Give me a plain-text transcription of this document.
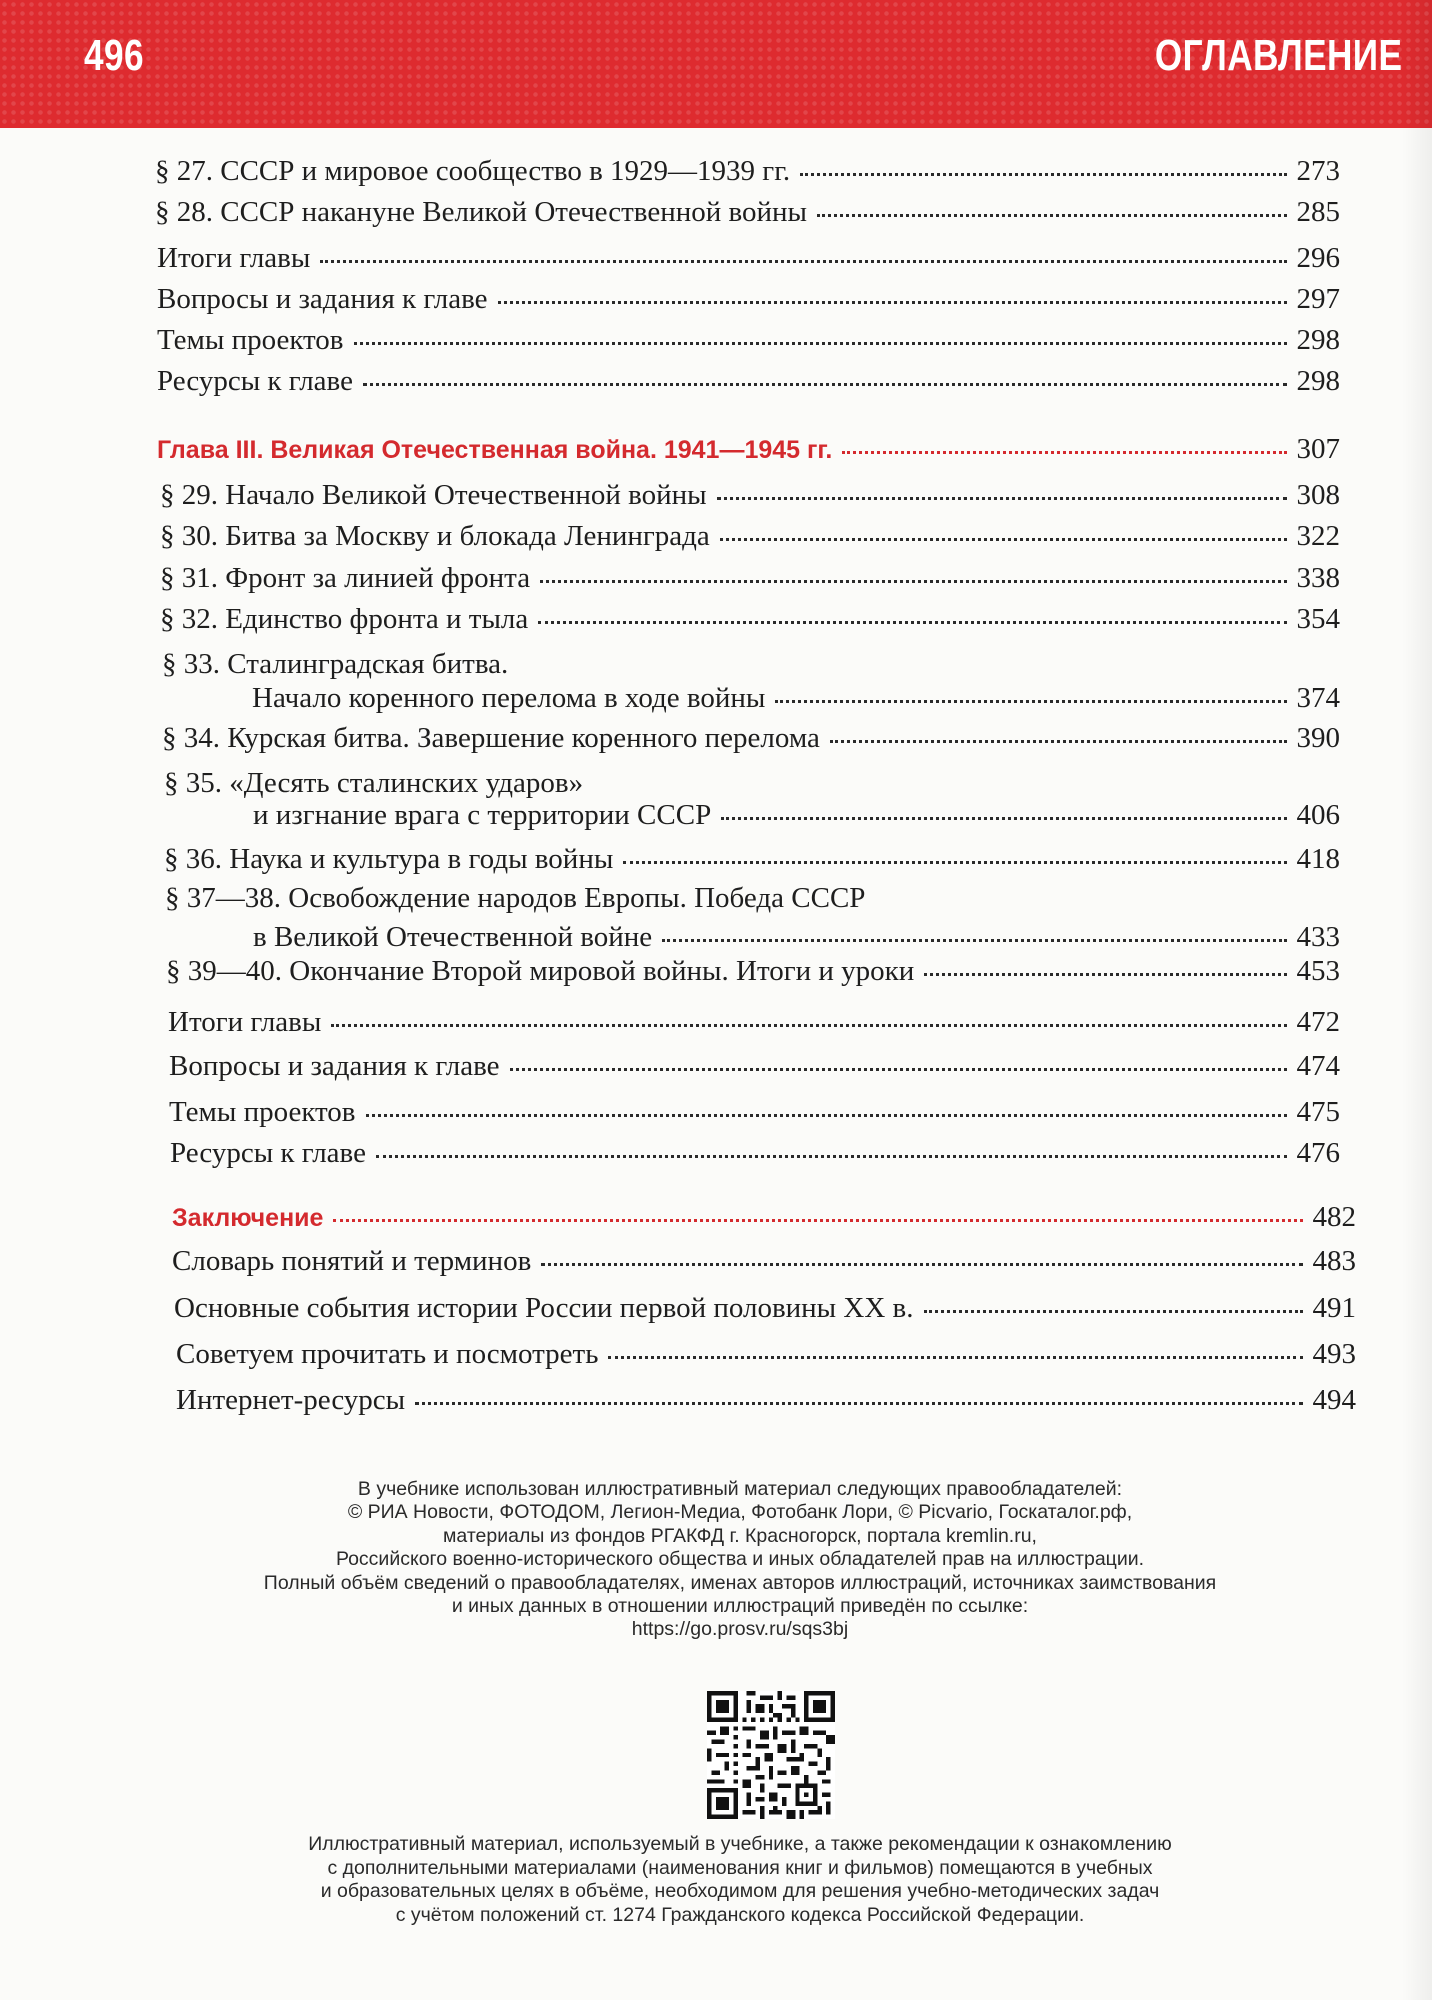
496	ОГЛАВЛЕНИЕ
§ 27. СССР и мировое сообщество в 1929—1939 гг.	273
§ 28. СССР накануне Великой Отечественной войны	285
Итоги главы	296
Вопросы и задания к главе	297
Темы проектов	298
Ресурсы к главе	298
Глава III. Великая Отечественная война. 1941—1945 гг.	307
§ 29. Начало Великой Отечественной войны	308
§ 30. Битва за Москву и блокада Ленинграда	322
§ 31. Фронт за линией фронта	338
§ 32. Единство фронта и тыла	354
§ 33. Сталинградская битва.
Начало коренного перелома в ходе войны	374
§ 34. Курская битва. Завершение коренного перелома	390
§ 35. «Десять сталинских ударов»
и изгнание врага с территории СССР	406
§ 36. Наука и культура в годы войны	418
§ 37—38. Освобождение народов Европы. Победа СССР
в Великой Отечественной войне	433
§ 39—40. Окончание Второй мировой войны. Итоги и уроки	453
Итоги главы	472
Вопросы и задания к главе	474
Темы проектов	475
Ресурсы к главе	476
Заключение	482
Словарь понятий и терминов	483
Основные события истории России первой половины XX в.	491
Советуем прочитать и посмотреть	493
Интернет-ресурсы	494
В учебнике использован иллюстративный материал следующих правообладателей:
© РИА Новости, ФОТОДОМ, Легион-Медиа, Фотобанк Лори, © Picvario, Госкаталог.рф,
материалы из фондов РГАКФД г. Красногорск, портала kremlin.ru,
Российского военно-исторического общества и иных обладателей прав на иллюстрации.
Полный объём сведений о правообладателях, именах авторов иллюстраций, источниках заимствования
и иных данных в отношении иллюстраций приведён по ссылке:
https://go.prosv.ru/sqs3bj
Иллюстративный материал, используемый в учебнике, а также рекомендации к ознакомлению
с дополнительными материалами (наименования книг и фильмов) помещаются в учебных
и образовательных целях в объёме, необходимом для решения учебно-методических задач
с учётом положений ст. 1274 Гражданского кодекса Российской Федерации.
